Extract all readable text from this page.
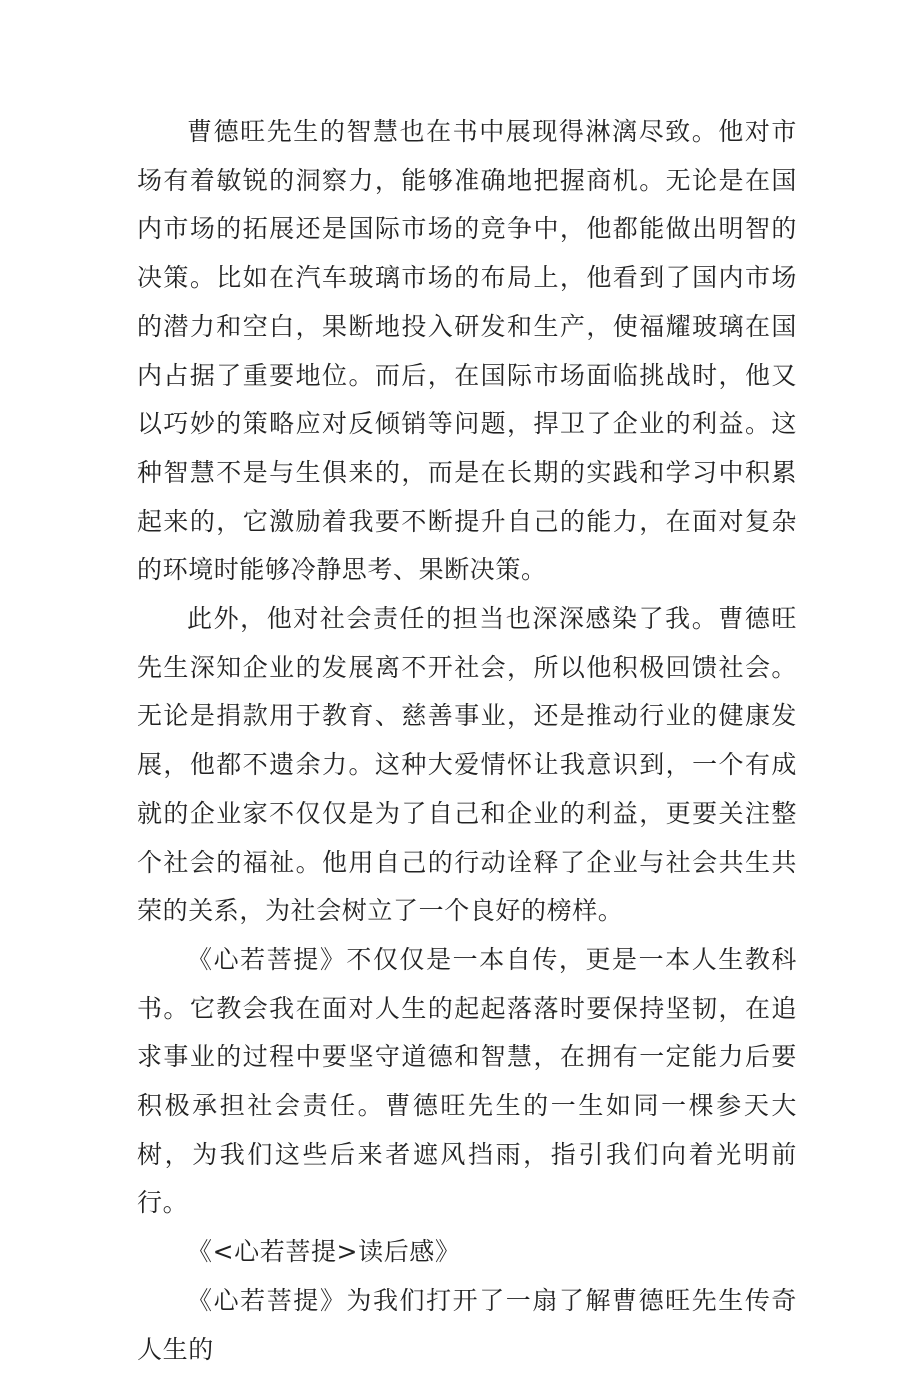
曹德旺先生的智慧也在书中展现得淋漓尽致。他对市场有着敏锐的洞察力，能够准确地把握商机。无论是在国内市场的拓展还是国际市场的竞争中，他都能做出明智的决策。比如在汽车玻璃市场的布局上，他看到了国内市场的潜力和空白，果断地投入研发和生产，使福耀玻璃在国内占据了重要地位。而后，在国际市场面临挑战时，他又以巧妙的策略应对反倾销等问题，捍卫了企业的利益。这种智慧不是与生俱来的，而是在长期的实践和学习中积累起来的，它激励着我要不断提升自己的能力，在面对复杂的环境时能够冷静思考、果断决策。

此外，他对社会责任的担当也深深感染了我。曹德旺先生深知企业的发展离不开社会，所以他积极回馈社会。无论是捐款用于教育、慈善事业，还是推动行业的健康发展，他都不遗余力。这种大爱情怀让我意识到，一个有成就的企业家不仅仅是为了自己和企业的利益，更要关注整个社会的福祉。他用自己的行动诠释了企业与社会共生共荣的关系，为社会树立了一个良好的榜样。

《心若菩提》不仅仅是一本自传，更是一本人生教科书。它教会我在面对人生的起起落落时要保持坚韧，在追求事业的过程中要坚守道德和智慧，在拥有一定能力后要积极承担社会责任。曹德旺先生的一生如同一棵参天大树，为我们这些后来者遮风挡雨，指引我们向着光明前行。

《<心若菩提>读后感》

《心若菩提》为我们打开了一扇了解曹德旺先生传奇人生的
